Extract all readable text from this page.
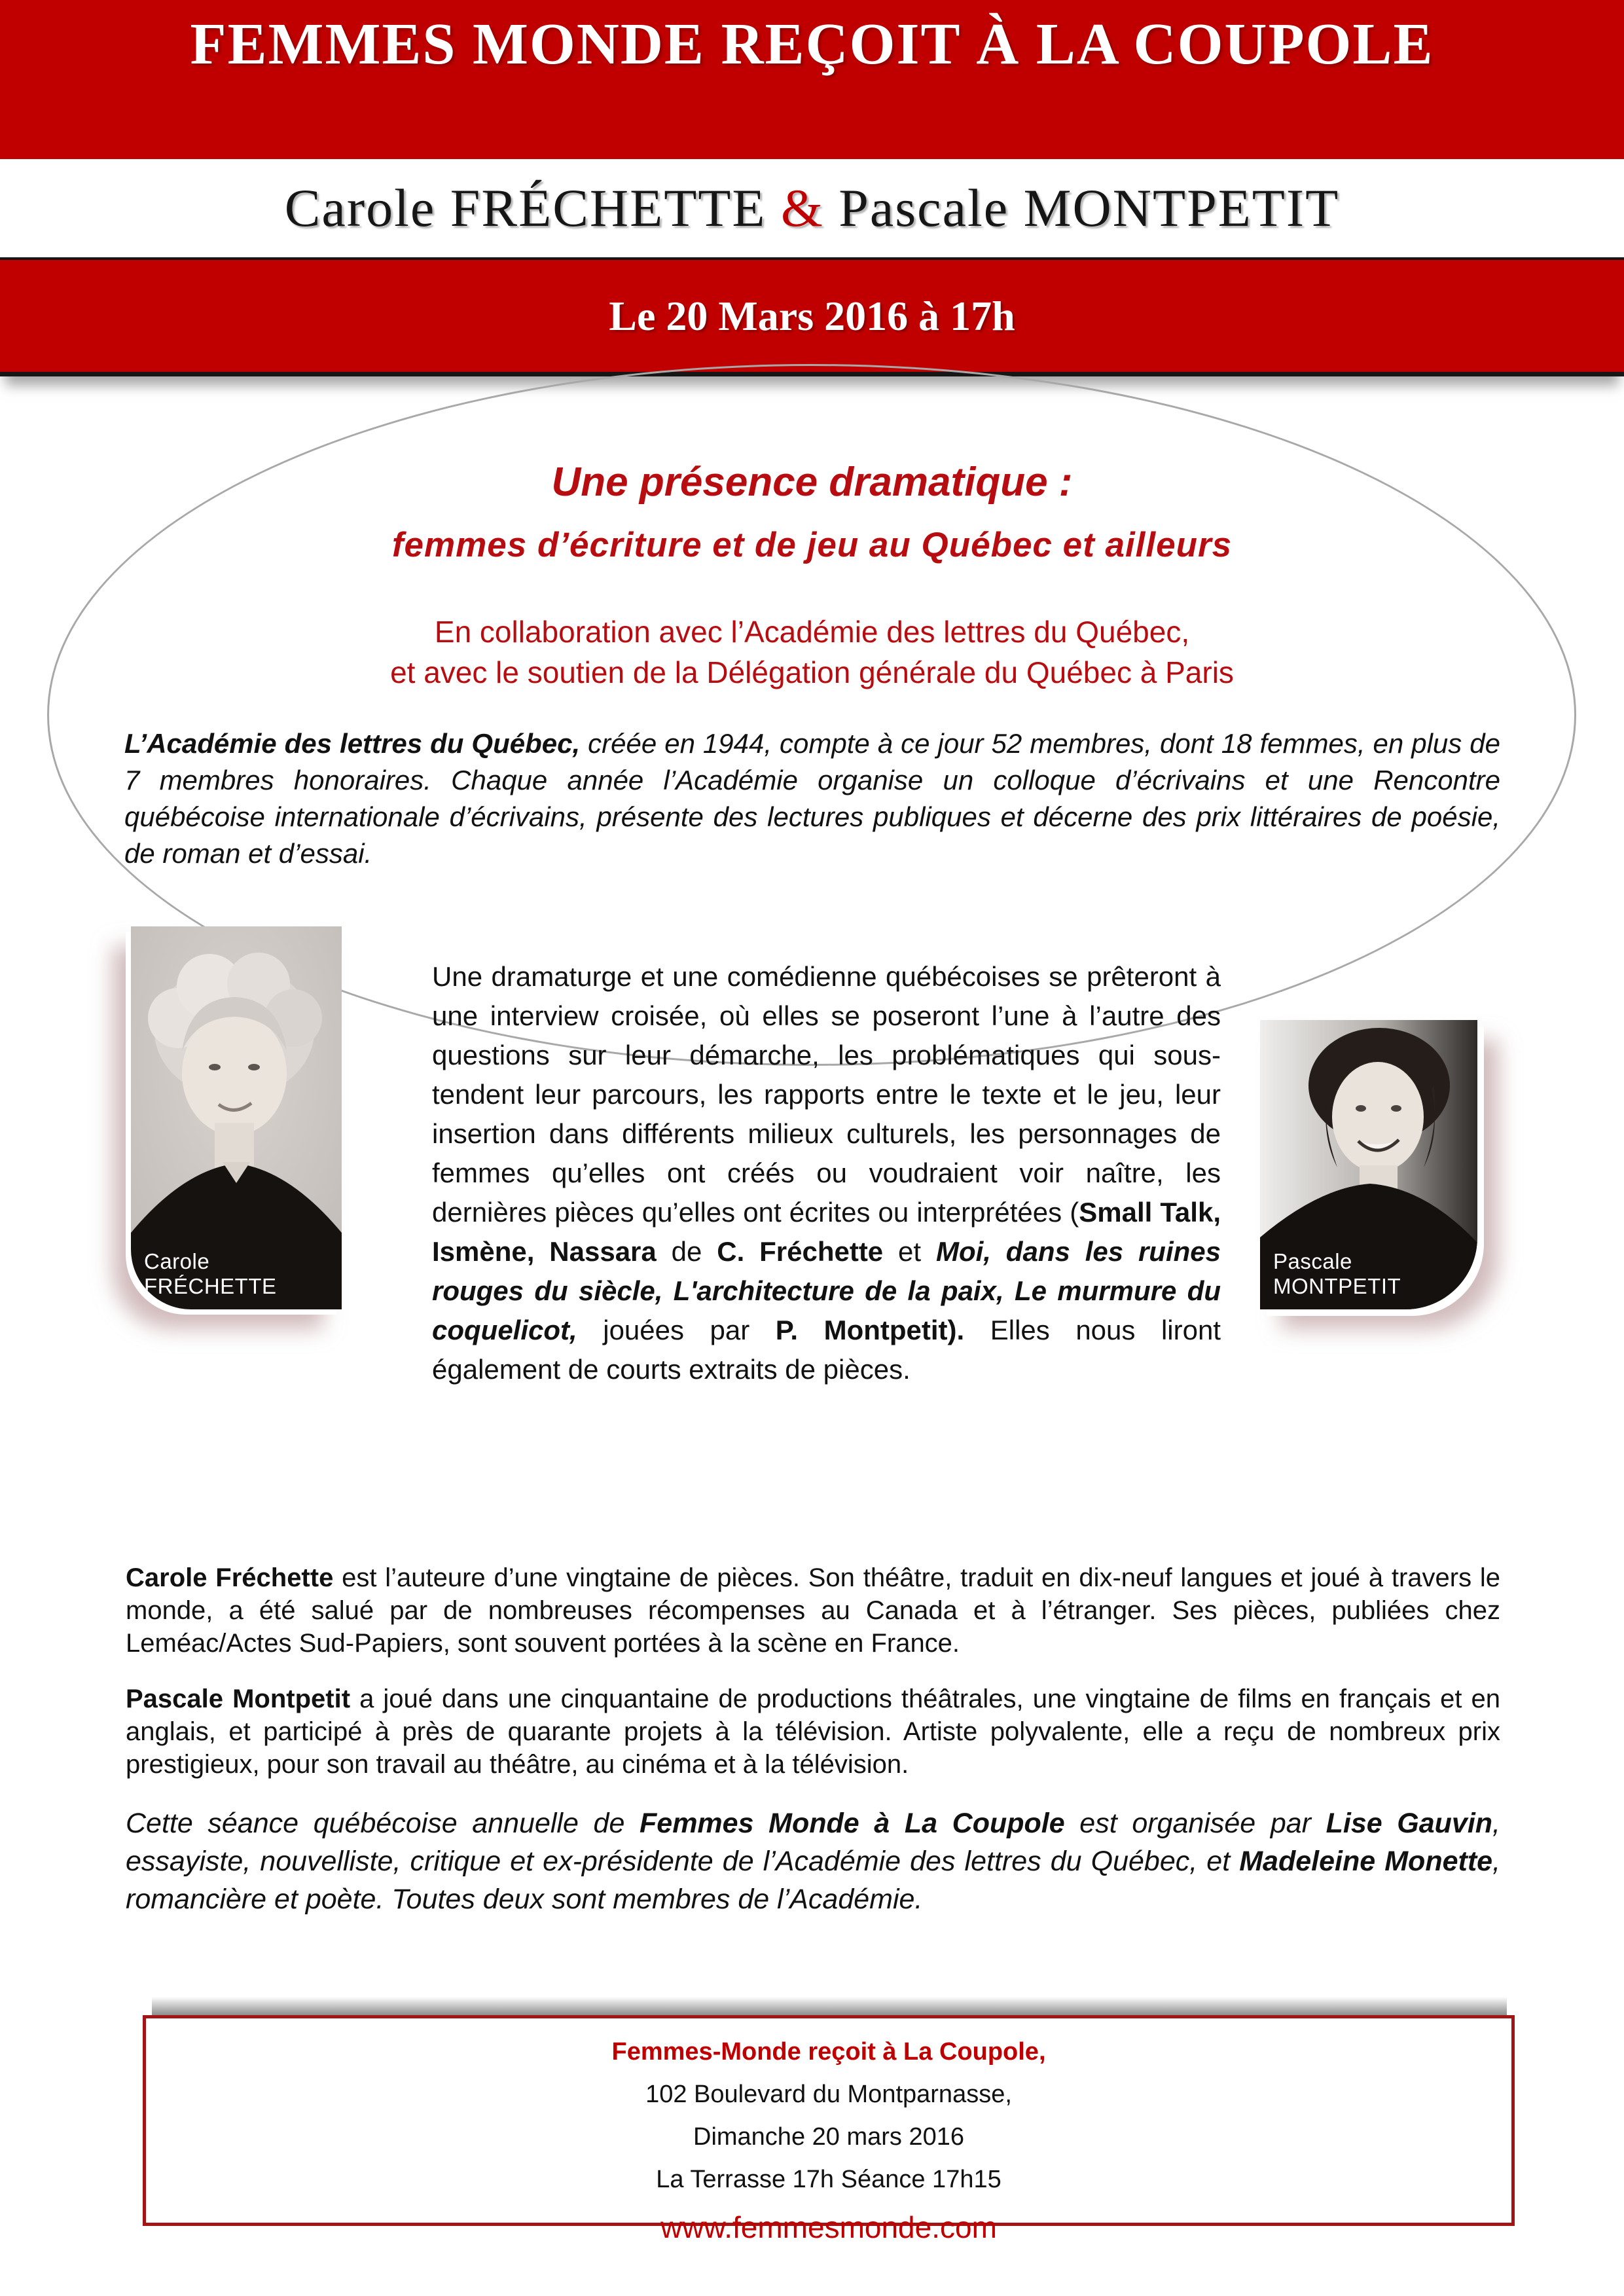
FEMMES MONDE REÇOIT À LA COUPOLE
Carole FRÉCHETTE & Pascale MONTPETIT
Le 20 Mars 2016 à 17h
Une présence dramatique :
femmes d’écriture et de jeu au Québec et ailleurs
En collaboration avec l’Académie des lettres du Québec,
et avec le soutien de la Délégation générale du Québec à Paris
L’Académie des lettres du Québec, créée en 1944, compte à ce jour 52 membres, dont 18 femmes, en plus de 7 membres honoraires. Chaque année l’Académie organise un colloque d’écrivains et une Rencontre québécoise internationale d’écrivains, présente des lectures publiques et décerne des prix littéraires de poésie, de roman et d’essai.
Carole FRÉCHETTE
Pascale MONTPETIT
Une dramaturge et une comédienne québécoises se prêteront à une interview croisée, où elles se poseront l’une à l’autre des questions sur leur démarche, les problématiques qui sous-tendent leur parcours, les rapports entre le texte et le jeu, leur insertion dans différents milieux culturels, les personnages de femmes qu’elles ont créés ou voudraient voir naître, les dernières pièces qu’elles ont écrites ou interprétées (Small Talk, Ismène, Nassara de C. Fréchette et Moi, dans les ruines rouges du siècle, L'architecture de la paix, Le murmure du coquelicot, jouées par P. Montpetit). Elles nous liront également de courts extraits de pièces.
Carole Fréchette est l’auteure d’une vingtaine de pièces. Son théâtre, traduit en dix-neuf langues et joué à travers le monde, a été salué par de nombreuses récompenses au Canada et à l’étranger. Ses pièces, publiées chez Leméac/Actes Sud-Papiers, sont souvent portées à la scène en France.
Pascale Montpetit a joué dans une cinquantaine de productions théâtrales, une vingtaine de films en français et en anglais, et participé à près de quarante projets à la télévision. Artiste polyvalente, elle a reçu de nombreux prix prestigieux, pour son travail au théâtre, au cinéma et à la télévision.
Cette séance québécoise annuelle de Femmes Monde à La Coupole est organisée par Lise Gauvin, essayiste, nouvelliste, critique et ex-présidente de l’Académie des lettres du Québec, et Madeleine Monette, romancière et poète. Toutes deux sont membres de l’Académie.
Femmes-Monde reçoit à La Coupole,
102 Boulevard du Montparnasse,
Dimanche 20 mars 2016
La Terrasse 17h Séance 17h15
www.femmesmonde.com
